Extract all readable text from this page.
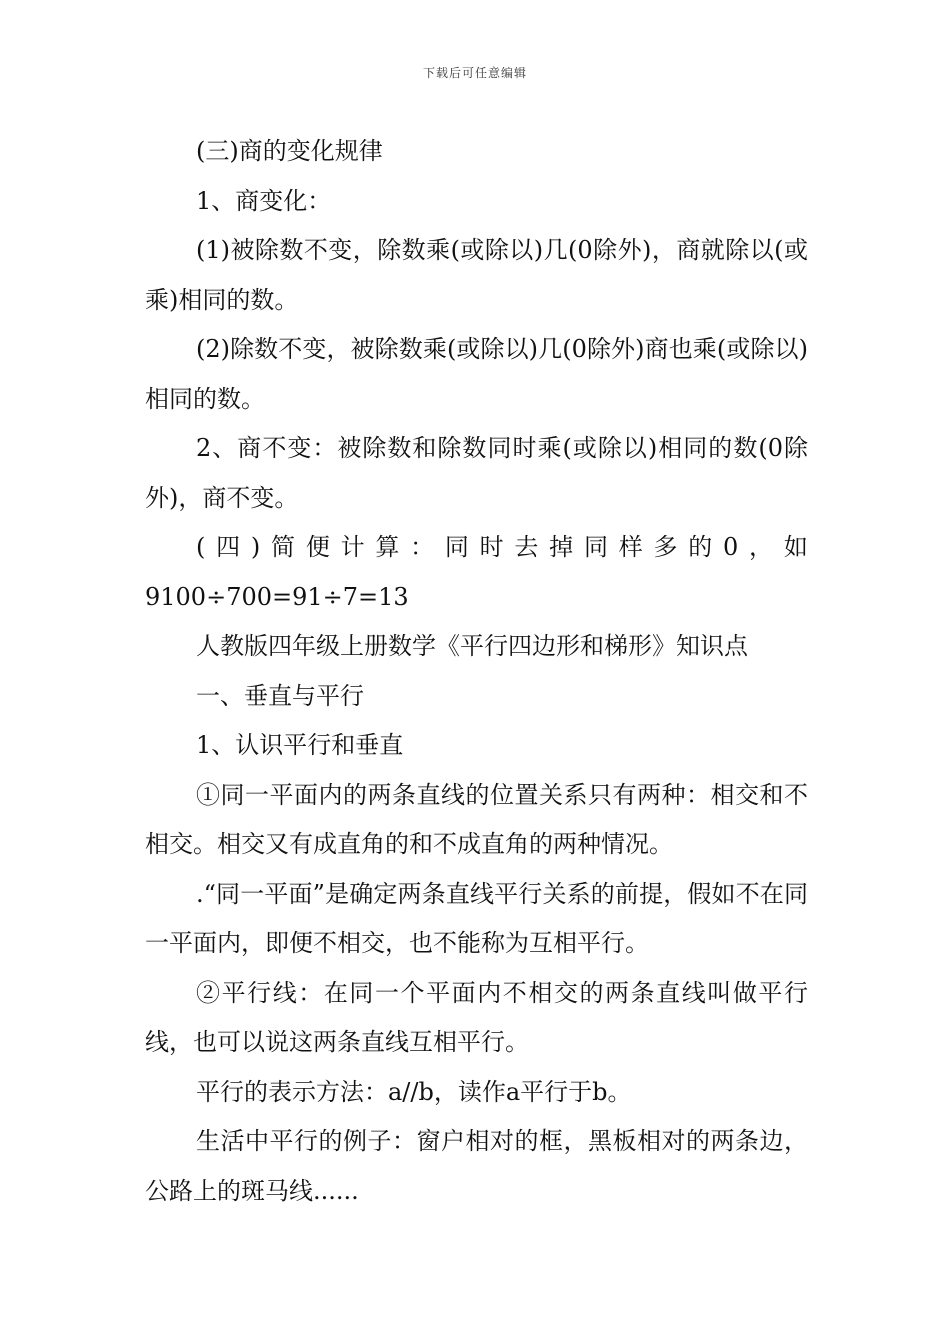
下载后可任意编辑

(三)商的变化规律

1、商变化：

(1)被除数不变，除数乘(或除以)几(0除外)，商就除以(或乘)相同的数。

(2)除数不变，被除数乘(或除以)几(0除外)商也乘(或除以)相同的数。

2、商不变：被除数和除数同时乘(或除以)相同的数(0除外)，商不变。

( 四 ) 简 便 计 算 ： 同 时 去 掉 同 样 多 的 0 ， 如

9100÷700=91÷7=13

人教版四年级上册数学《平行四边形和梯形》知识点

一、垂直与平行

1、认识平行和垂直

①同一平面内的两条直线的位置关系只有两种：相交和不相交。相交又有成直角的和不成直角的两种情况。

.“同一平面”是确定两条直线平行关系的前提，假如不在同一平面内，即便不相交，也不能称为互相平行。

②平行线：在同一个平面内不相交的两条直线叫做平行线，也可以说这两条直线互相平行。

平行的表示方法：a//b，读作a平行于b。

生活中平行的例子：窗户相对的框，黑板相对的两条边，公路上的斑马线......
